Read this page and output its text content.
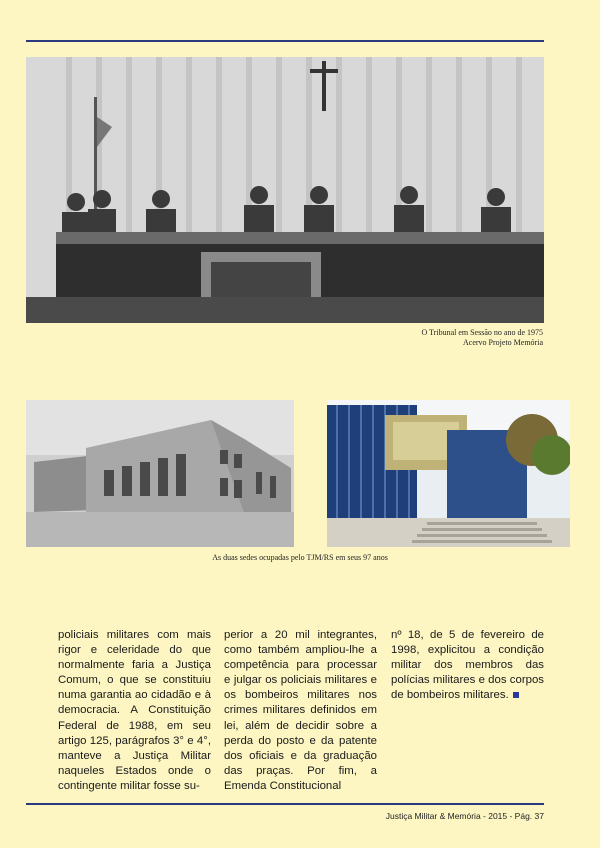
O Tribunal em Sessão no ano de 1975
Acervo Projeto Memória
As duas sedes ocupadas pelo TJM/RS em seus 97 anos
policiais militares com mais rigor e celeridade do que normalmente faria a Justiça Comum, o que se constituiu numa garantia ao cidadão e à democracia. A Constituição Federal de 1988, em seu artigo 125, parágrafos 3° e 4°, manteve a Justiça Militar naqueles Estados onde o contingente militar fosse su-
perior a 20 mil integrantes, como também ampliou-lhe a competência para processar e julgar os policiais militares e os bombeiros militares nos crimes militares definidos em lei, além de decidir sobre a perda do posto e da patente dos oficiais e da graduação das praças. Por fim, a Emenda Constitucional
nº 18, de 5 de fevereiro de 1998, explicitou a condição militar dos membros das polícias militares e dos corpos de bombeiros militares.
Justiça Militar & Memória - 2015 - Pág. 37
